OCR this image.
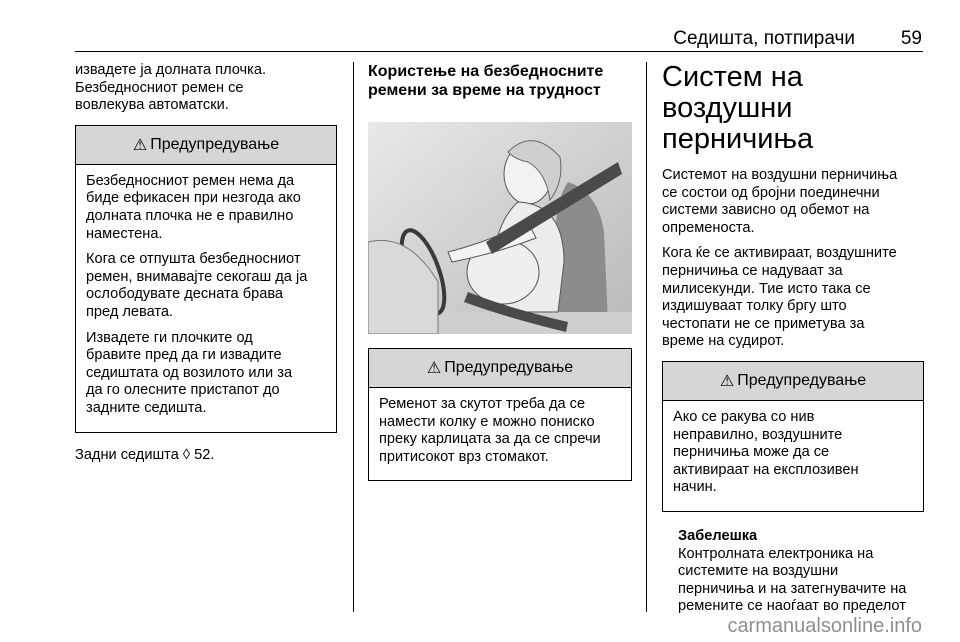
Седишта, потпирачи 59

извадете ја долната плочка.
Безбедносниот ремен се
вовлекува автоматски.

⚠ Предупредување

Безбедносниот ремен нема да
биде ефикасен при незгода ако
долната плочка не е правилно
наместена.

Кога се отпушта безбедносниот
ремен, внимавајте секогаш да ја
ослободувате десната брава
пред левата.

Извадете ги плочките од
бравите пред да ги извадите
седиштата од возилото или за
да го олесните пристапот до
задните седишта.

Задни седишта ◊ 52.

Користење на безбедносните
ремени за време на трудност

⚠ Предупредување

Ременот за скутот треба да се
намести колку е можно пониско
преку карлицата за да се спречи
притисокот врз стомакот.

Систем на воздушни
перничиња

Системот на воздушни перничиња
се состои од бројни поединечни
системи зависно од обемот на
опременоста.

Кога ќе се активираат, воздушните
перничиња се надуваат за
милисекунди. Тие исто така се
издишуваат толку бргу што
честопати не се приметува за
време на судирот.

⚠ Предупредување

Ако се ракува со нив
неправилно, воздушните
перничиња може да се
активираат на експлозивен
начин.

Забелешка

Контролната електроника на
системите на воздушни
перничиња и на затегнувачите на
ремените се наоѓаат во пределот

carmanualsonline.info
